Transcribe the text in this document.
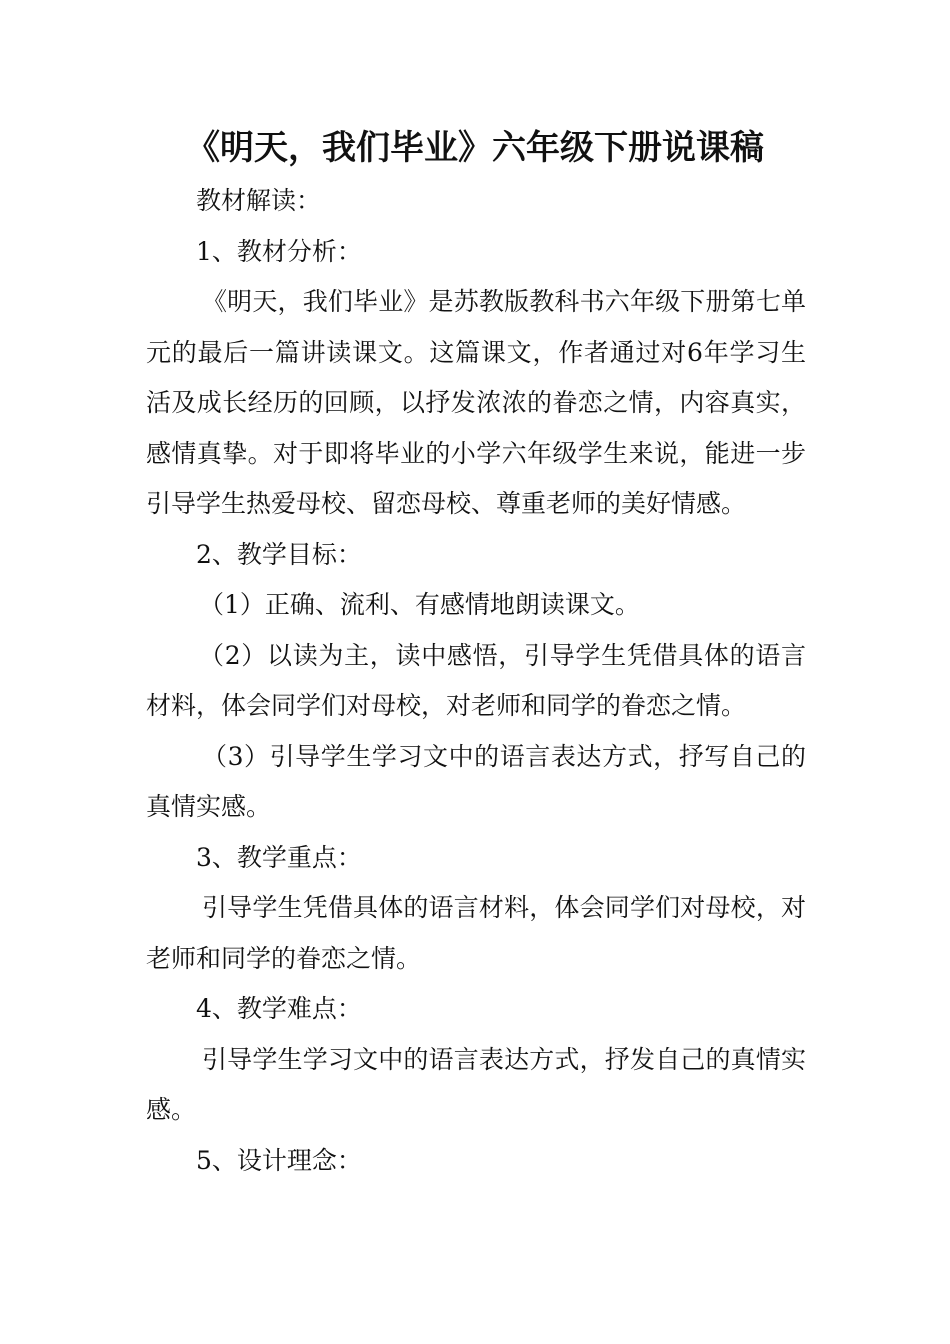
《明天，我们毕业》六年级下册说课稿

教材解读：

1、教材分析：

《明天，我们毕业》是苏教版教科书六年级下册第七单元的最后一篇讲读课文。这篇课文，作者通过对6年学习生活及成长经历的回顾，以抒发浓浓的眷恋之情，内容真实，感情真挚。对于即将毕业的小学六年级学生来说，能进一步引导学生热爱母校、留恋母校、尊重老师的美好情感。

2、教学目标：

（1）正确、流利、有感情地朗读课文。

（2）以读为主，读中感悟，引导学生凭借具体的语言材料，体会同学们对母校，对老师和同学的眷恋之情。

（3）引导学生学习文中的语言表达方式，抒写自己的真情实感。

3、教学重点：

引导学生凭借具体的语言材料，体会同学们对母校，对老师和同学的眷恋之情。

4、教学难点：

引导学生学习文中的语言表达方式，抒发自己的真情实感。

5、设计理念：
